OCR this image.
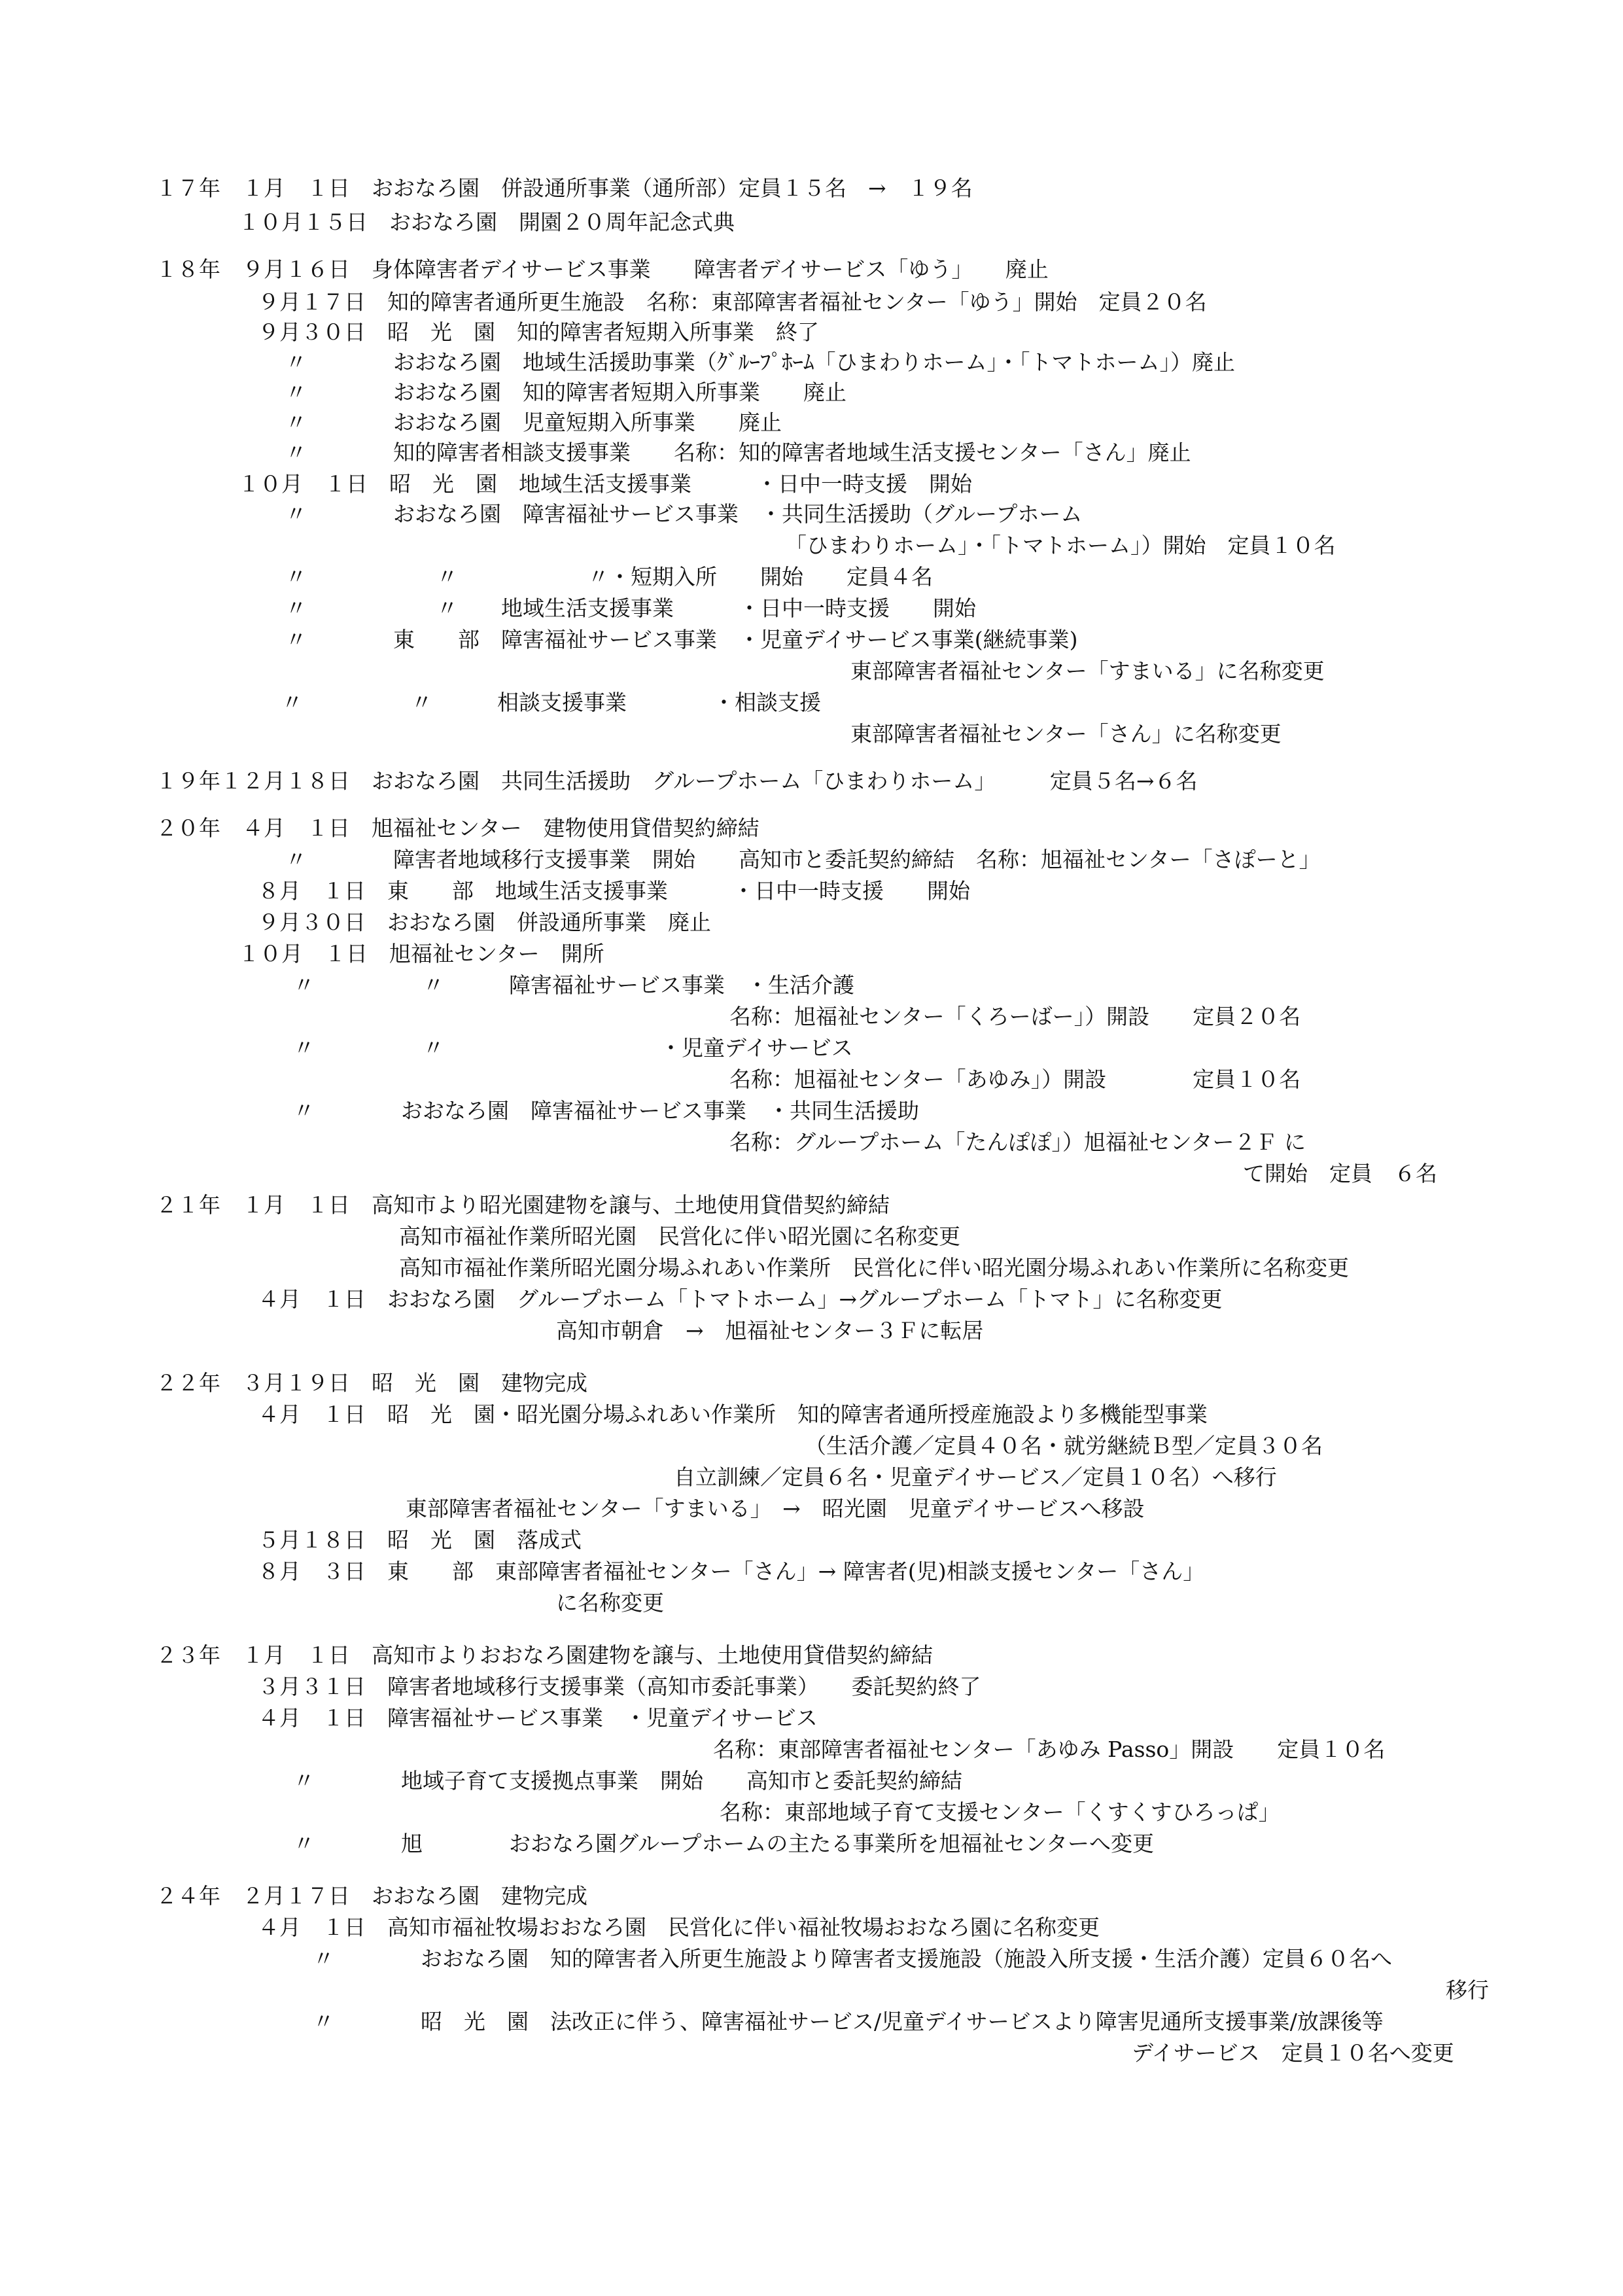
１７年　１月　１日　おおなろ園　併設通所事業（通所部）定員１５名　→　１９名
１０月１５日　おおなろ園　開園２０周年記念式典
１８年　９月１６日　身体障害者デイサービス事業　　障害者デイサービス「ゆう」　　廃止
９月１７日　知的障害者通所更生施設　名称：東部障害者福祉センター「ゆう」開始　定員２０名
９月３０日　昭　光　園　知的障害者短期入所事業　終了
〃　　　　おおなろ園　地域生活援助事業（ｸﾞﾙｰﾌﾟﾎｰﾑ「ひまわりホーム」・「トマトホーム」）廃止
〃　　　　おおなろ園　知的障害者短期入所事業　　廃止
〃　　　　おおなろ園　児童短期入所事業　　廃止
〃　　　　知的障害者相談支援事業　　名称：知的障害者地域生活支援センター「さん」廃止
１０月　１日　昭　光　園　地域生活支援事業　　　・日中一時支援　開始
〃　　　　おおなろ園　障害福祉サービス事業　・共同生活援助（グループホーム
「ひまわりホーム」・「トマトホーム」）開始　定員１０名
〃　　　　　　〃　　　　　　〃・短期入所　　開始　　定員４名
〃　　　　　　〃　　地域生活支援事業　　　・日中一時支援　　開始
〃　　　　東　　部　障害福祉サービス事業　・児童デイサービス事業(継続事業)
東部障害者福祉センター「すまいる」に名称変更
〃　　　　　〃　　　相談支援事業　　　　・相談支援
東部障害者福祉センター「さん」に名称変更
１９年１２月１８日　おおなろ園　共同生活援助　グループホーム「ひまわりホーム」　　　定員５名→６名
２０年　４月　１日　旭福祉センター　建物使用貸借契約締結
〃　　　　障害者地域移行支援事業　開始　　高知市と委託契約締結　名称：旭福祉センター「さぽーと」
８月　１日　東　　部　地域生活支援事業　　　・日中一時支援　　開始
９月３０日　おおなろ園　併設通所事業　廃止
１０月　１日　旭福祉センター　開所
〃　　　　　〃　　　障害福祉サービス事業　・生活介護
名称：旭福祉センター「くろーばー」）開設　　定員２０名
〃　　　　　〃　　　　　　　　　　・児童デイサービス
名称：旭福祉センター「あゆみ」）開設　　　　定員１０名
〃　　　　おおなろ園　障害福祉サービス事業　・共同生活援助
名称：グループホーム「たんぽぽ」）旭福祉センター２Ｆ に
て開始　定員　６名
２１年　１月　１日　高知市より昭光園建物を譲与、土地使用貸借契約締結
高知市福祉作業所昭光園　民営化に伴い昭光園に名称変更
高知市福祉作業所昭光園分場ふれあい作業所　民営化に伴い昭光園分場ふれあい作業所に名称変更
４月　１日　おおなろ園　グループホーム「トマトホーム」→グループホーム「トマト」に名称変更
高知市朝倉　→　旭福祉センター３Ｆに転居
２２年　３月１９日　昭　光　園　建物完成
４月　１日　昭　光　園・昭光園分場ふれあい作業所　知的障害者通所授産施設より多機能型事業
（生活介護／定員４０名・就労継続Ｂ型／定員３０名
自立訓練／定員６名・児童デイサービス／定員１０名）へ移行
東部障害者福祉センター「すまいる」　→　昭光園　児童デイサービスへ移設
５月１８日　昭　光　園　落成式
８月　３日　東　　部　東部障害者福祉センター「さん」→ 障害者(児)相談支援センター「さん」
に名称変更
２３年　１月　１日　高知市よりおおなろ園建物を譲与、土地使用貸借契約締結
３月３１日　障害者地域移行支援事業（高知市委託事業）　　委託契約終了
４月　１日　障害福祉サービス事業　・児童デイサービス
名称：東部障害者福祉センター「あゆみ Passo」開設　　定員１０名
〃　　　　地域子育て支援拠点事業　開始　　高知市と委託契約締結
名称：東部地域子育て支援センター「くすくすひろっぱ」
〃　　　　旭　　　　おおなろ園グループホームの主たる事業所を旭福祉センターへ変更
２４年　２月１７日　おおなろ園　建物完成
４月　１日　高知市福祉牧場おおなろ園　民営化に伴い福祉牧場おおなろ園に名称変更
〃　　　　おおなろ園　知的障害者入所更生施設より障害者支援施設（施設入所支援・生活介護）定員６０名へ
移行
〃　　　　昭　光　園　法改正に伴う、障害福祉サービス/児童デイサービスより障害児通所支援事業/放課後等
デイサービス　定員１０名へ変更
